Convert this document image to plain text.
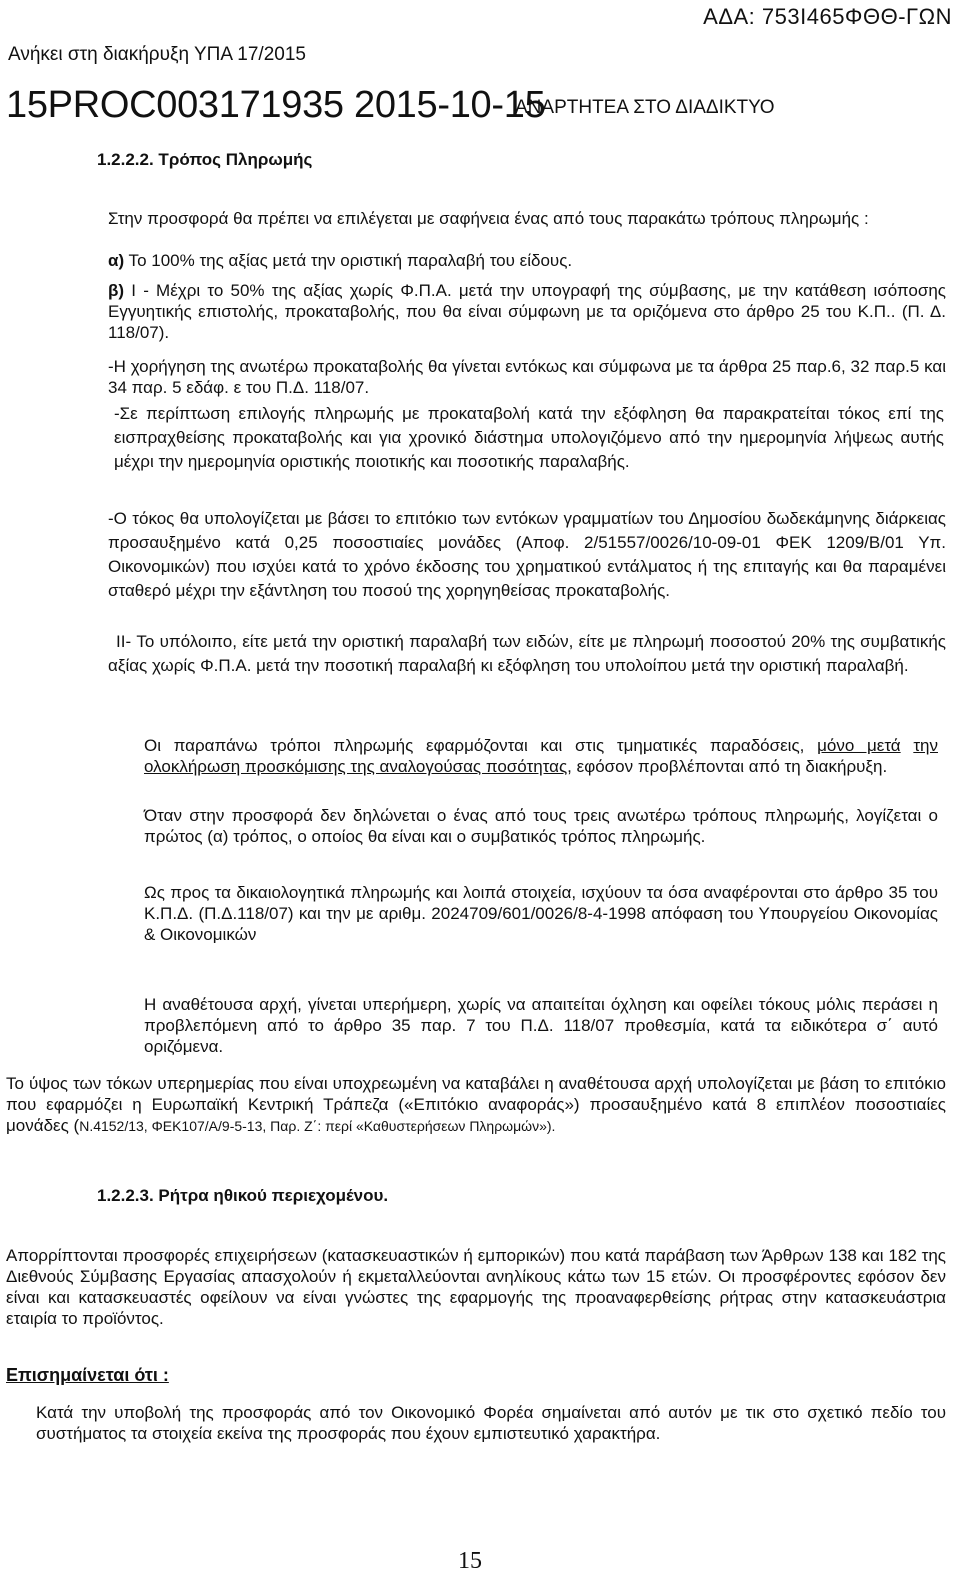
ΑΔΑ: 753Ι465ΦΘΘ-ΓΩΝ
Ανήκει στη διακήρυξη ΥΠΑ 17/2015
15PROC003171935 2015-10-15
ΑΝΑΡΤΗΤΕΑ ΣΤΟ ΔΙΑΔΙΚΤΥΟ
1.2.2.2. Τρόπος Πληρωμής

Στην προσφορά θα πρέπει να επιλέγεται με σαφήνεια ένας από τους παρακάτω τρόπους πληρωμής :

α) Το 100% της αξίας μετά την οριστική παραλαβή του είδους.
β) I - Μέχρι το 50% της αξίας χωρίς Φ.Π.Α. μετά την υπογραφή της σύμβασης, με την κατάθεση ισόποσης Εγγυητικής επιστολής, προκαταβολής, που θα είναι σύμφωνη με τα οριζόμενα στο άρθρο 25 του Κ.Π.. (Π. Δ. 118/07).

-Η χορήγηση της ανωτέρω προκαταβολής θα γίνεται εντόκως και σύμφωνα με τα άρθρα 25 παρ.6, 32 παρ.5 και 34 παρ. 5 εδάφ. ε του Π.Δ. 118/07.

-Σε περίπτωση επιλογής πληρωμής με προκαταβολή κατά την εξόφληση θα παρακρατείται τόκος επί της εισπραχθείσης προκαταβολής και για χρονικό διάστημα υπολογιζόμενο από την ημερομηνία λήψεως αυτής μέχρι την ημερομηνία οριστικής ποιοτικής και ποσοτικής παραλαβής.

-Ο τόκος θα υπολογίζεται με βάσει το επιτόκιο των εντόκων γραμματίων του Δημοσίου δωδεκάμηνης διάρκειας προσαυξημένο κατά 0,25 ποσοστιαίες μονάδες (Αποφ. 2/51557/0026/10-09-01 ΦΕΚ 1209/Β/01 Υπ. Οικονομικών) που ισχύει κατά το χρόνο έκδοσης του χρηματικού εντάλματος ή της επιταγής και θα παραμένει σταθερό μέχρι την εξάντληση του ποσού της χορηγηθείσας προκαταβολής.

II- Το υπόλοιπο, είτε μετά την οριστική παραλαβή των ειδών, είτε με πληρωμή ποσοστού 20% της συμβατικής αξίας χωρίς Φ.Π.Α. μετά την ποσοτική παραλαβή κι εξόφληση του υπολοίπου μετά την οριστική παραλαβή.

Οι παραπάνω τρόποι πληρωμής εφαρμόζονται και στις τμηματικές παραδόσεις, μόνο μετά την ολοκλήρωση προσκόμισης της αναλογούσας ποσότητας, εφόσον προβλέπονται από τη διακήρυξη.

Όταν στην προσφορά δεν δηλώνεται ο ένας από τους τρεις ανωτέρω τρόπους πληρωμής, λογίζεται ο πρώτος (α) τρόπος, ο οποίος θα είναι και ο συμβατικός τρόπος πληρωμής.

Ως προς τα δικαιολογητικά πληρωμής και λοιπά στοιχεία, ισχύουν τα όσα αναφέρονται στο άρθρο 35 του Κ.Π.Δ. (Π.Δ.118/07) και την με αριθμ. 2024709/601/0026/8-4-1998 απόφαση του Υπουργείου Οικονομίας & Οικονομικών

Η αναθέτουσα αρχή, γίνεται υπερήμερη, χωρίς να απαιτείται όχληση και οφείλει τόκους μόλις περάσει η προβλεπόμενη από το άρθρο 35 παρ. 7 του Π.Δ. 118/07 προθεσμία, κατά τα ειδικότερα σ΄ αυτό οριζόμενα.

Το ύψος των τόκων υπερημερίας που είναι υποχρεωμένη να καταβάλει η αναθέτουσα αρχή υπολογίζεται με βάση το επιτόκιο που εφαρμόζει η Ευρωπαϊκή Κεντρική Τράπεζα («Επιτόκιο αναφοράς») προσαυξημένο κατά 8 επιπλέον ποσοστιαίες μονάδες (Ν.4152/13, ΦΕΚ107/Α/9-5-13, Παρ. Ζ΄: περί «Καθυστερήσεων Πληρωμών»).

1.2.2.3. Ρήτρα ηθικού περιεχομένου.

Απορρίπτονται προσφορές επιχειρήσεων (κατασκευαστικών ή εμπορικών) που κατά παράβαση των Άρθρων 138 και 182 της Διεθνούς Σύμβασης Εργασίας απασχολούν ή εκμεταλλεύονται ανηλίκους κάτω των 15 ετών. Οι προσφέροντες εφόσον δεν είναι και κατασκευαστές οφείλουν να είναι γνώστες της εφαρμογής της προαναφερθείσης ρήτρας στην κατασκευάστρια εταιρία το προϊόντος.

Επισημαίνεται ότι :

Κατά την υποβολή της προσφοράς από τον Οικονομικό Φορέα σημαίνεται από αυτόν με τικ στο σχετικό πεδίο του συστήματος τα στοιχεία εκείνα της προσφοράς που έχουν εμπιστευτικό χαρακτήρα.

15
